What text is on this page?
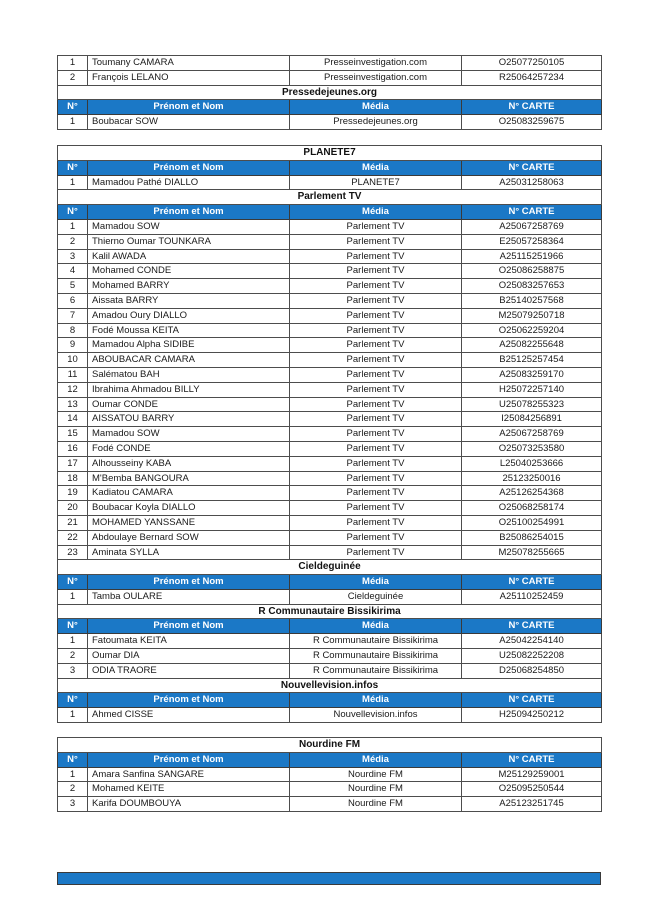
1	Toumany CAMARA	Presseinvestigation.com	O25077250105
2	François LELANO	Presseinvestigation.com	R25064257234
Pressedejeunes.org			
N°	Prénom et Nom	Média	N° CARTE
1	Boubacar SOW	Pressedejeunes.org	O25083259675
PLANETE7			
N°	Prénom et Nom	Média	N° CARTE
1	Mamadou Pathé DIALLO	PLANETE7	A25031258063
Parlement TV			
N°	Prénom et Nom	Média	N° CARTE
1	Mamadou SOW	Parlement TV	A25067258769
2	Thierno Oumar TOUNKARA	Parlement TV	E25057258364
3	Kalil AWADA	Parlement TV	A25115251966
4	Mohamed CONDE	Parlement TV	O25086258875
5	Mohamed BARRY	Parlement TV	O25083257653
6	Aissata BARRY	Parlement TV	B25140257568
7	Amadou Oury DIALLO	Parlement TV	M25079250718
8	Fodé Moussa KEITA	Parlement TV	O25062259204
9	Mamadou Alpha SIDIBE	Parlement TV	A25082255648
10	ABOUBACAR CAMARA	Parlement TV	B25125257454
11	Salématou BAH	Parlement TV	A25083259170
12	Ibrahima Ahmadou BILLY	Parlement TV	H25072257140
13	Oumar CONDE	Parlement TV	U25078255323
14	AISSATOU BARRY	Parlement TV	I25084256891
15	Mamadou SOW	Parlement TV	A25067258769
16	Fodé CONDE	Parlement TV	O25073253580
17	Alhousseiny KABA	Parlement TV	L25040253666
18	M'Bemba BANGOURA	Parlement TV	25123250016
19	Kadiatou CAMARA	Parlement TV	A25126254368
20	Boubacar Koyla DIALLO	Parlement TV	O25068258174
21	MOHAMED YANSSANE	Parlement TV	O25100254991
22	Abdoulaye Bernard SOW	Parlement TV	B25086254015
23	Aminata SYLLA	Parlement TV	M25078255665
Cieldeguinée			
N°	Prénom et Nom	Média	N° CARTE
1	Tamba OULARE	Cieldeguinée	A25110252459
R Communautaire Bissikirima			
N°	Prénom et Nom	Média	N° CARTE
1	Fatoumata KEITA	R Communautaire Bissikirima	A25042254140
2	Oumar DIA	R Communautaire Bissikirima	U25082252208
3	ODIA TRAORE	R Communautaire Bissikirima	D25068254850
Nouvellevision.infos			
N°	Prénom et Nom	Média	N° CARTE
1	Ahmed CISSE	Nouvellevision.infos	H25094250212
Nourdine FM			
N°	Prénom et Nom	Média	N° CARTE
1	Amara Sanfina SANGARE	Nourdine FM	M25129259001
2	Mohamed KEITE	Nourdine FM	O25095250544
3	Karifa DOUMBOUYA	Nourdine FM	A25123251745
